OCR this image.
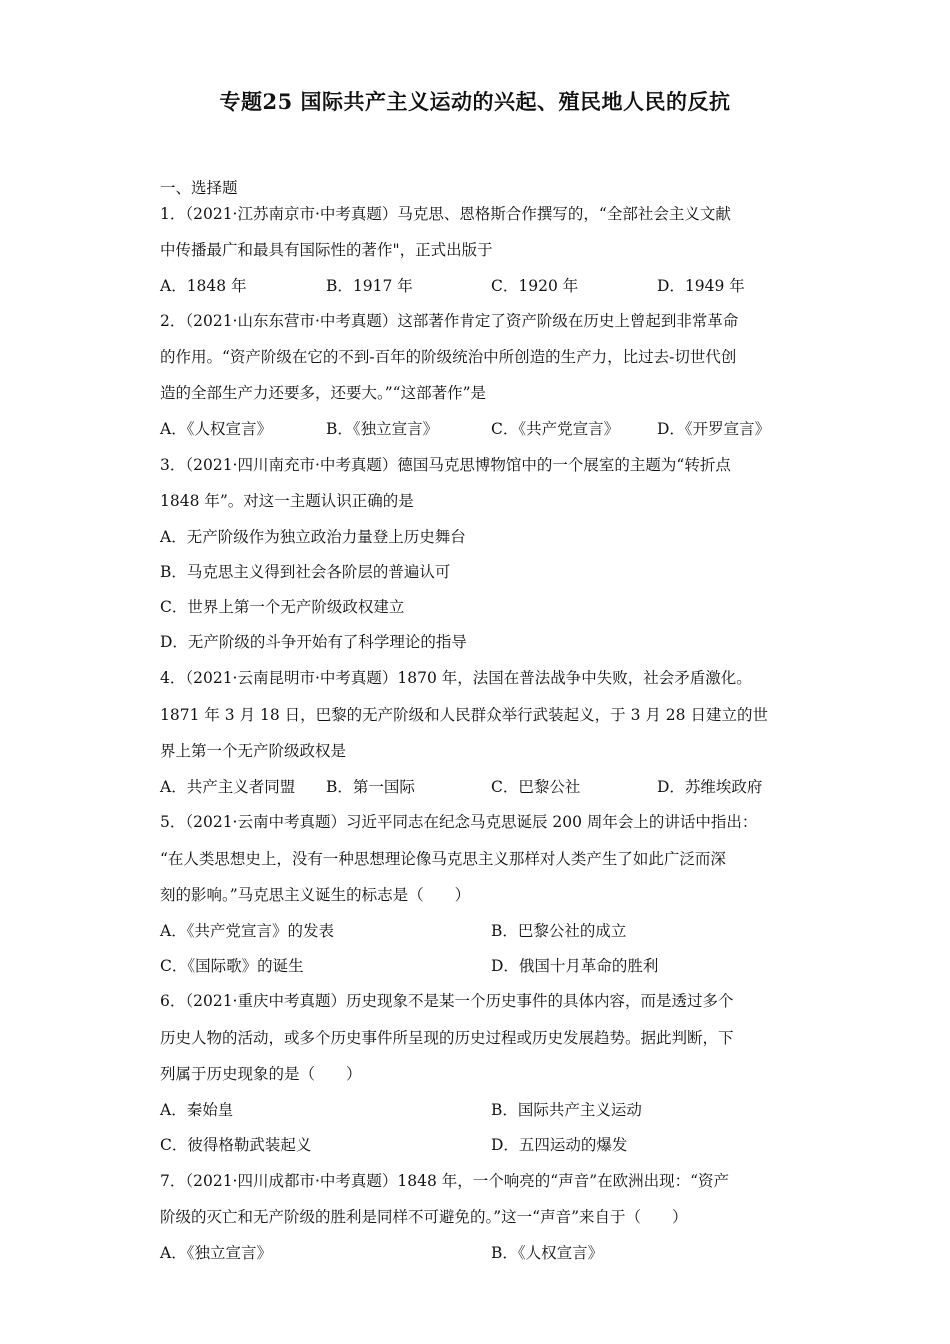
专题25 国际共产主义运动的兴起、殖民地人民的反抗
一、选择题
1．（2021·江苏南京市·中考真题）马克思、恩格斯合作撰写的，“全部社会主义文献
中传播最广和最具有国际性的著作"，正式出版于
A．1848 年	B．1917 年	C．1920 年	D．1949 年
2．（2021·山东东营市·中考真题）这部著作肯定了资产阶级在历史上曾起到非常革命
的作用。“资产阶级在它的不到-百年的阶级统治中所创造的生产力，比过去-切世代创
造的全部生产力还要多，还要大。”“这部著作”是
A．《人权宣言》	B．《独立宣言》	C．《共产党宣言》 D．《开罗宣言》
3．（2021·四川南充市·中考真题）德国马克思博物馆中的一个展室的主题为“转折点
1848 年”。对这一主题认识正确的是
A．无产阶级作为独立政治力量登上历史舞台
B．马克思主义得到社会各阶层的普遍认可
C．世界上第一个无产阶级政权建立
D．无产阶级的斗争开始有了科学理论的指导
4．（2021·云南昆明市·中考真题）1870 年，法国在普法战争中失败，社会矛盾激化。
1871 年 3 月 18 日，巴黎的无产阶级和人民群众举行武装起义，于 3 月 28 日建立的世
界上第一个无产阶级政权是
A．共产主义者同盟 B．第一国际	C．巴黎公社	D．苏维埃政府
5．（2021·云南中考真题）习近平同志在纪念马克思诞辰 200 周年会上的讲话中指出：
“在人类思想史上，没有一种思想理论像马克思主义那样对人类产生了如此广泛而深
刻的影响。”马克思主义诞生的标志是（　　）
A．《共产党宣言》的发表	B．巴黎公社的成立
C．《国际歌》的诞生	D．俄国十月革命的胜利
6．（2021·重庆中考真题）历史现象不是某一个历史事件的具体内容，而是透过多个
历史人物的活动，或多个历史事件所呈现的历史过程或历史发展趋势。据此判断，下
列属于历史现象的是（　　）
A．秦始皇	B．国际共产主义运动
C．彼得格勒武装起义	D．五四运动的爆发
7．（2021·四川成都市·中考真题）1848 年，一个响亮的“声音”在欧洲出现：“资产
阶级的灭亡和无产阶级的胜利是同样不可避免的。”这一“声音”来自于（　　）
A．《独立宣言》	B．《人权宣言》
